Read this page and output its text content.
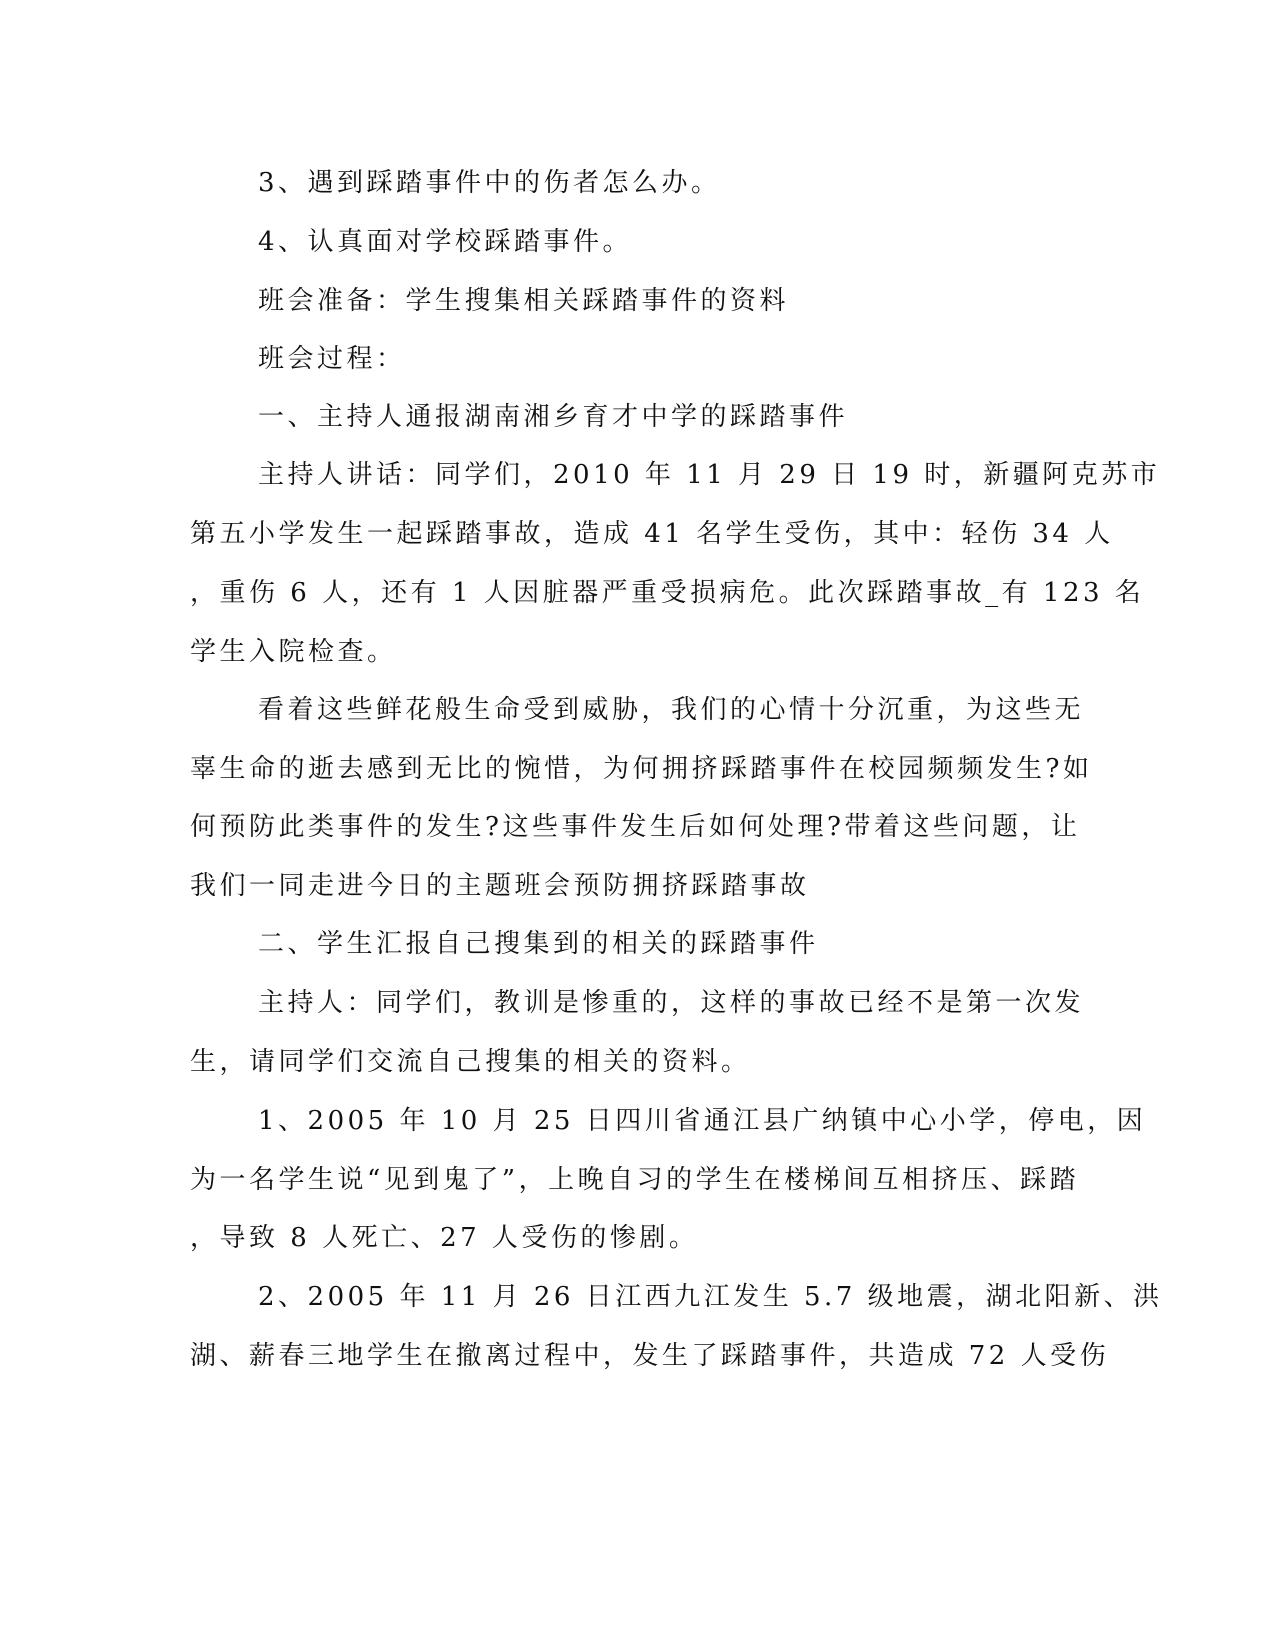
3、遇到踩踏事件中的伤者怎么办。
4、认真面对学校踩踏事件。
班会准备：学生搜集相关踩踏事件的资料
班会过程：
一、主持人通报湖南湘乡育才中学的踩踏事件
主持人讲话：同学们，2010 年 11 月 29 日 19 时，新疆阿克苏市
第五小学发生一起踩踏事故，造成 41 名学生受伤，其中：轻伤 34 人
，重伤 6 人，还有 1 人因脏器严重受损病危。此次踩踏事故_有 123 名
学生入院检查。
看着这些鲜花般生命受到威胁，我们的心情十分沉重，为这些无
辜生命的逝去感到无比的惋惜，为何拥挤踩踏事件在校园频频发生?如
何预防此类事件的发生?这些事件发生后如何处理?带着这些问题，让
我们一同走进今日的主题班会预防拥挤踩踏事故
二、学生汇报自己搜集到的相关的踩踏事件
主持人：同学们，教训是惨重的，这样的事故已经不是第一次发
生，请同学们交流自己搜集的相关的资料。
1、2005 年 10 月 25 日四川省通江县广纳镇中心小学，停电，因
为一名学生说“见到鬼了”，上晚自习的学生在楼梯间互相挤压、踩踏
，导致 8 人死亡、27 人受伤的惨剧。
2、2005 年 11 月 26 日江西九江发生 5.7 级地震，湖北阳新、洪
湖、薪春三地学生在撤离过程中，发生了踩踏事件，共造成 72 人受伤
